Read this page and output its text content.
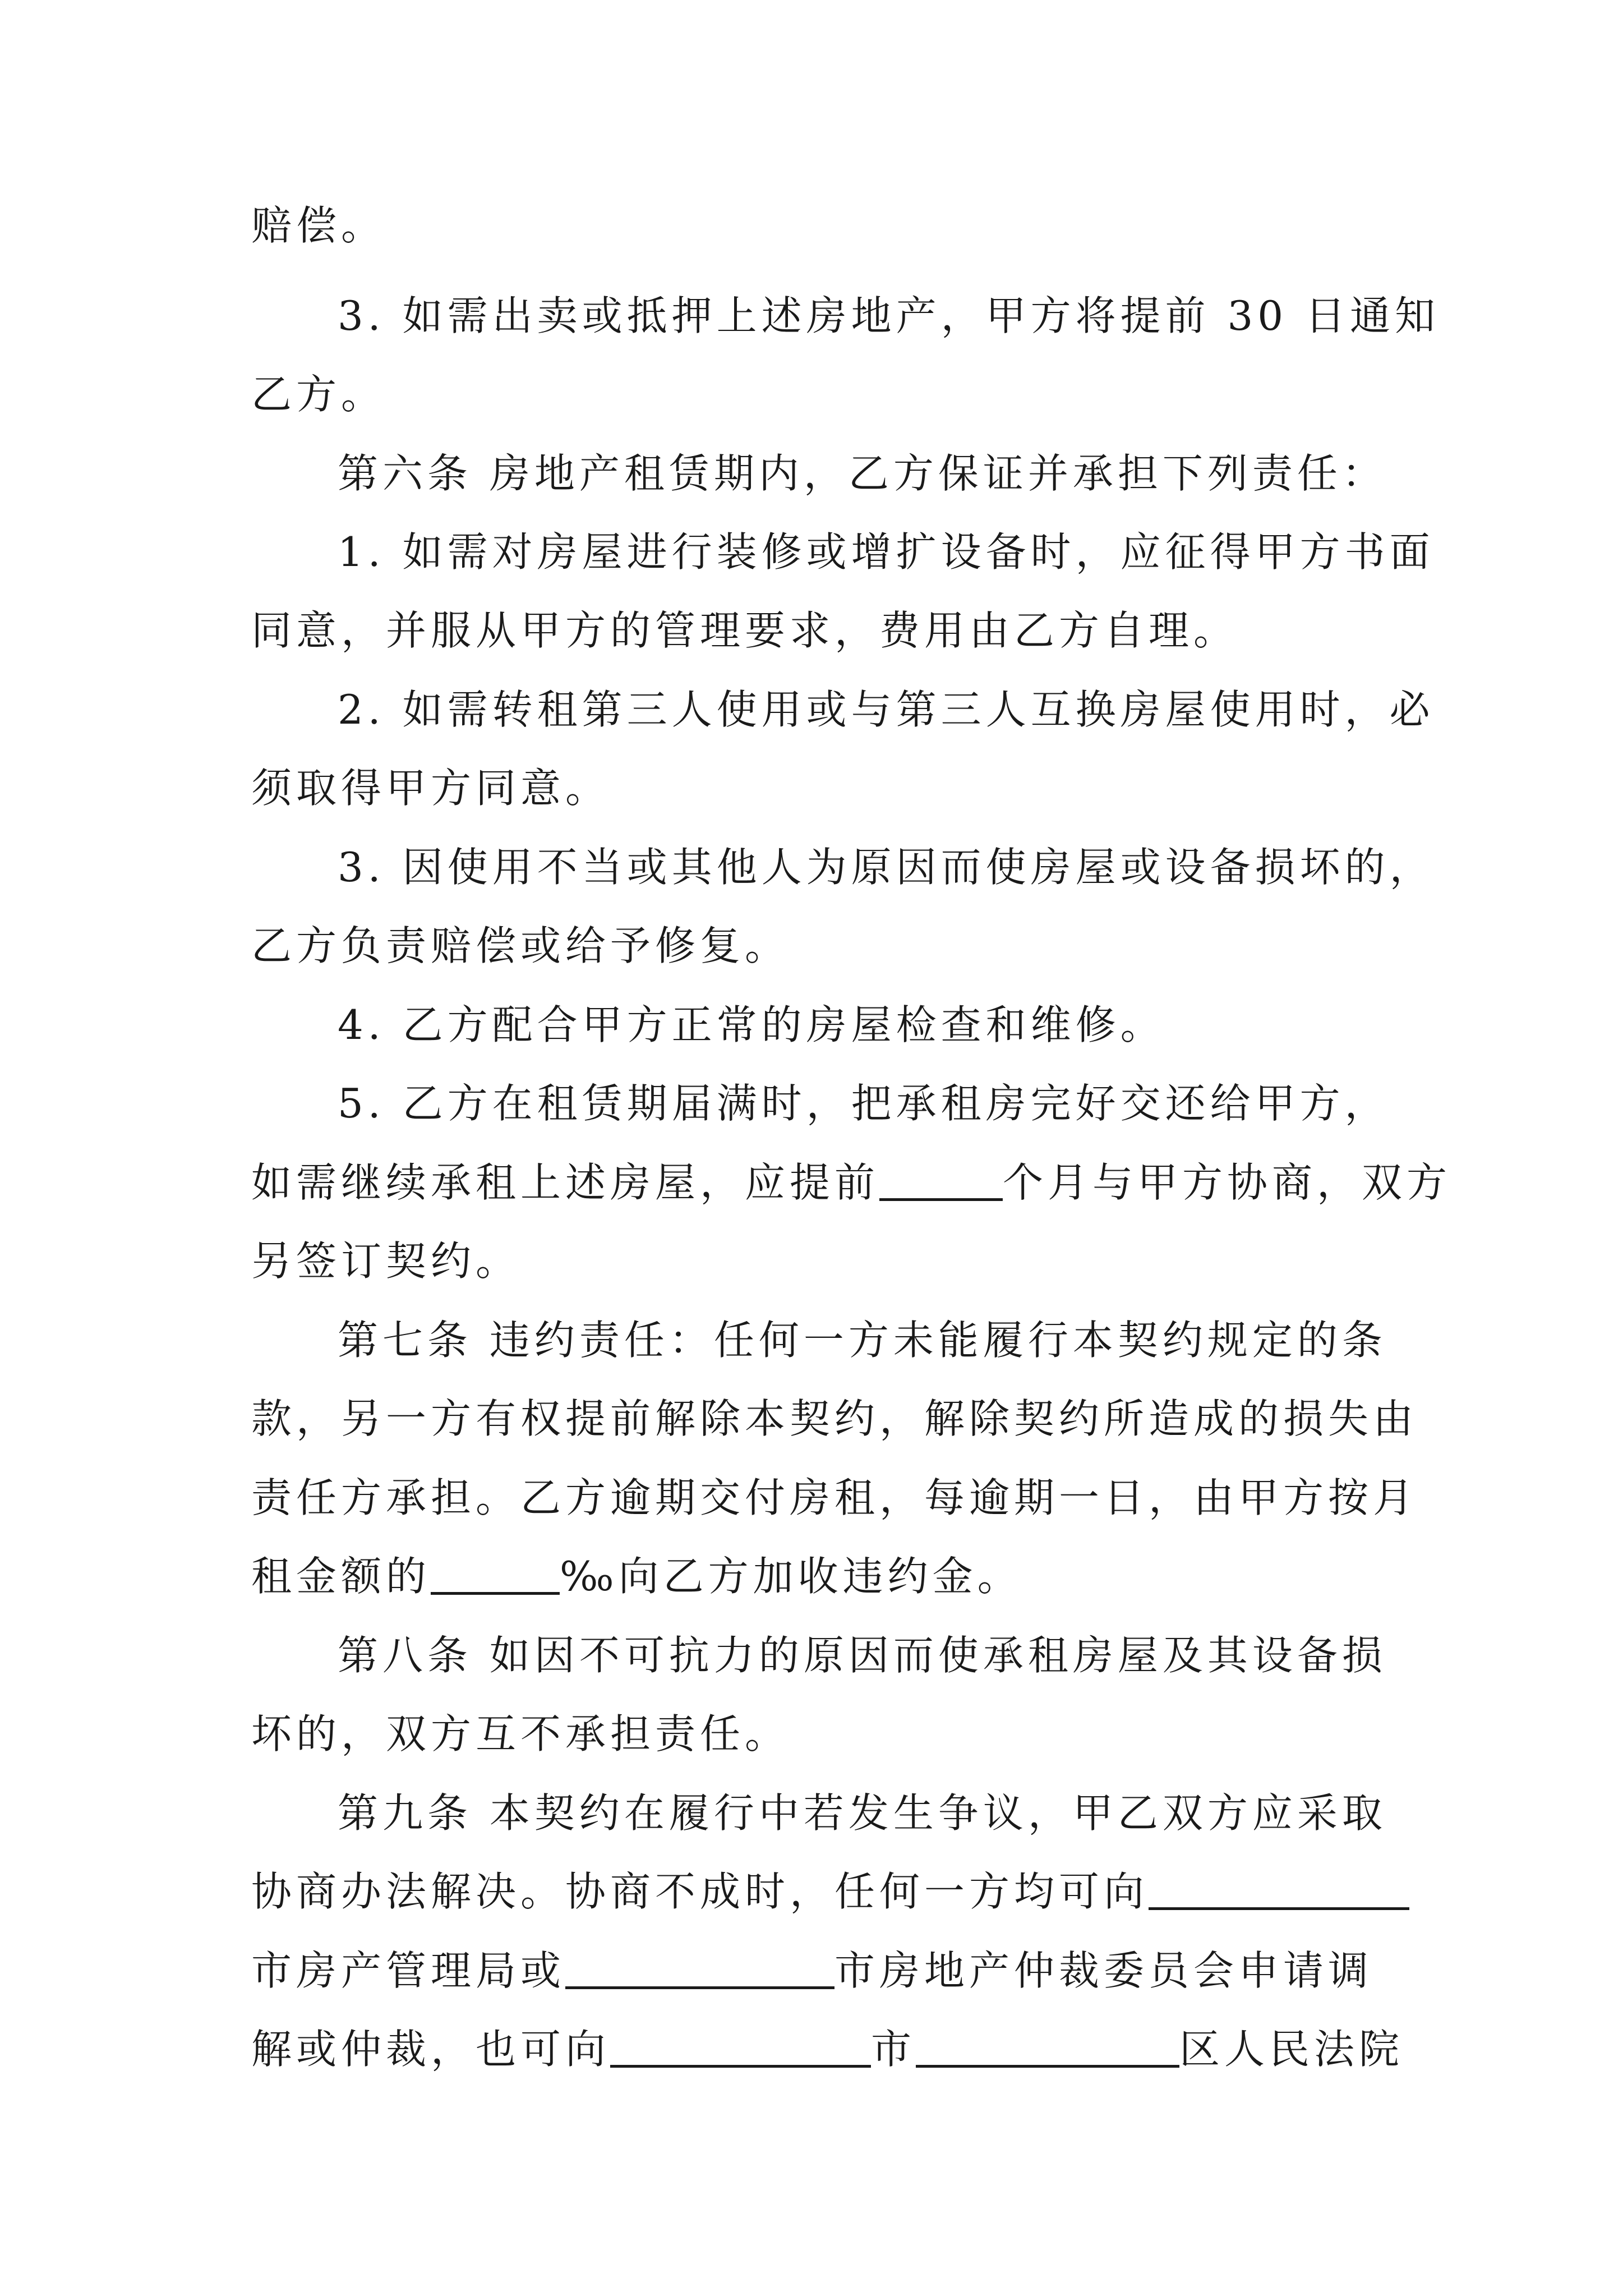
赔偿。
3. 如需出卖或抵押上述房地产，甲方将提前 30 日通知
乙方。
第六条 房地产租赁期内，乙方保证并承担下列责任：
1. 如需对房屋进行装修或增扩设备时，应征得甲方书面
同意，并服从甲方的管理要求，费用由乙方自理。
2. 如需转租第三人使用或与第三人互换房屋使用时，必
须取得甲方同意。
3. 因使用不当或其他人为原因而使房屋或设备损坏的，
乙方负责赔偿或给予修复。
4. 乙方配合甲方正常的房屋检查和维修。
5. 乙方在租赁期届满时，把承租房完好交还给甲方，
如需继续承租上述房屋，应提前	个月与甲方协商，双方
另签订契约。
第七条 违约责任：任何一方未能履行本契约规定的条
款，另一方有权提前解除本契约，解除契约所造成的损失由
责任方承担。乙方逾期交付房租，每逾期一日，由甲方按月
租金额的	‰向乙方加收违约金。
第八条 如因不可抗力的原因而使承租房屋及其设备损
坏的，双方互不承担责任。
第九条 本契约在履行中若发生争议，甲乙双方应采取
协商办法解决。协商不成时，任何一方均可向
市房产管理局或	市房地产仲裁委员会申请调
解或仲裁，也可向	市	区人民法院
